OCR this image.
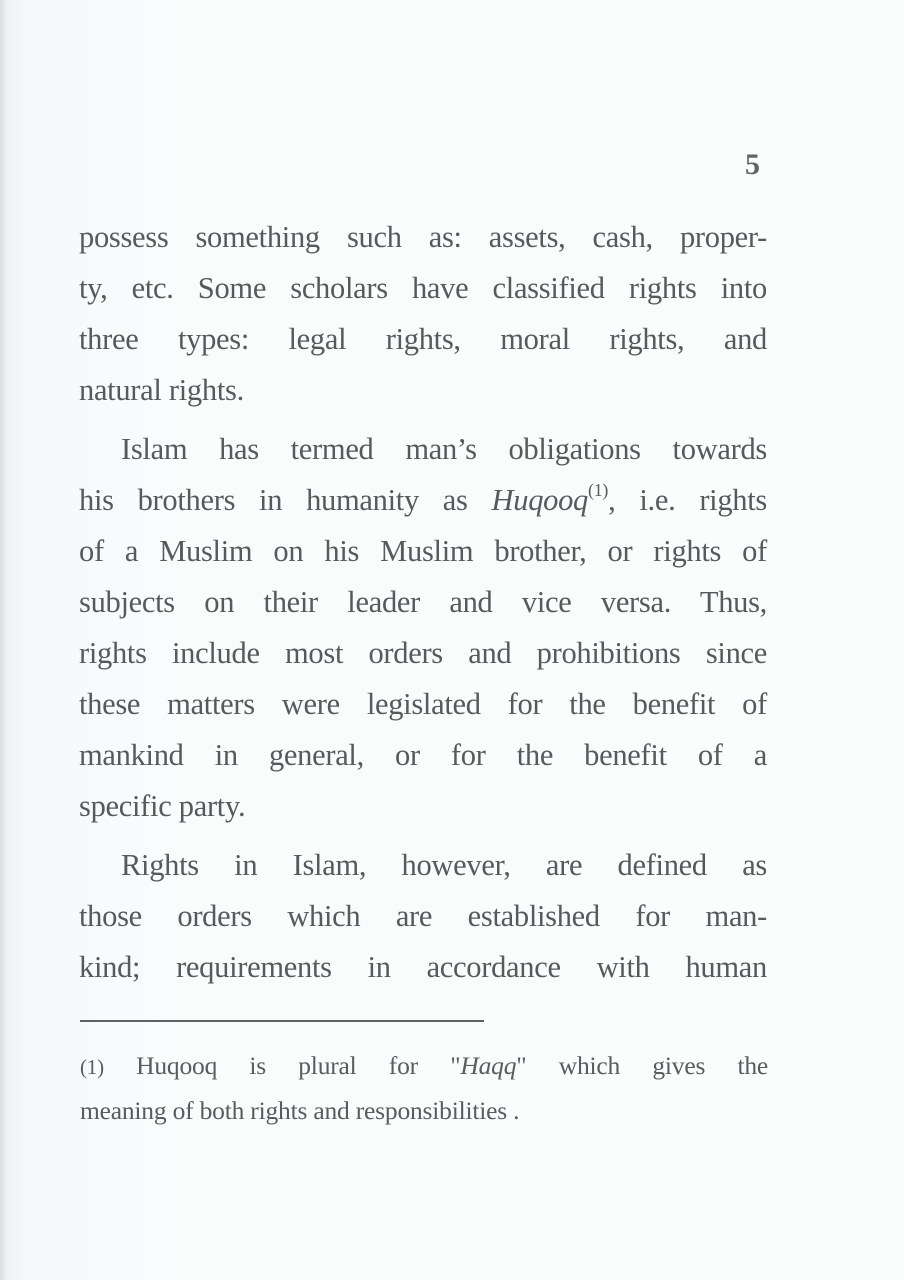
5

possess something such as: assets, cash, proper-
ty, etc. Some scholars have classified rights into
three types: legal rights, moral rights, and
natural rights.

Islam has termed man’s obligations towards
his brothers in humanity as Huqooq$^{(1)}$, i.e. rights
of a Muslim on his Muslim brother, or rights of
subjects on their leader and vice versa. Thus,
rights include most orders and prohibitions since
these matters were legislated for the benefit of
mankind in general, or for the benefit of a
specific party.

Rights in Islam, however, are defined as
those orders which are established for man-
kind; requirements in accordance with human

(1) Huqooq is plural for "Haqq" which gives the
meaning of both rights and responsibilities .
